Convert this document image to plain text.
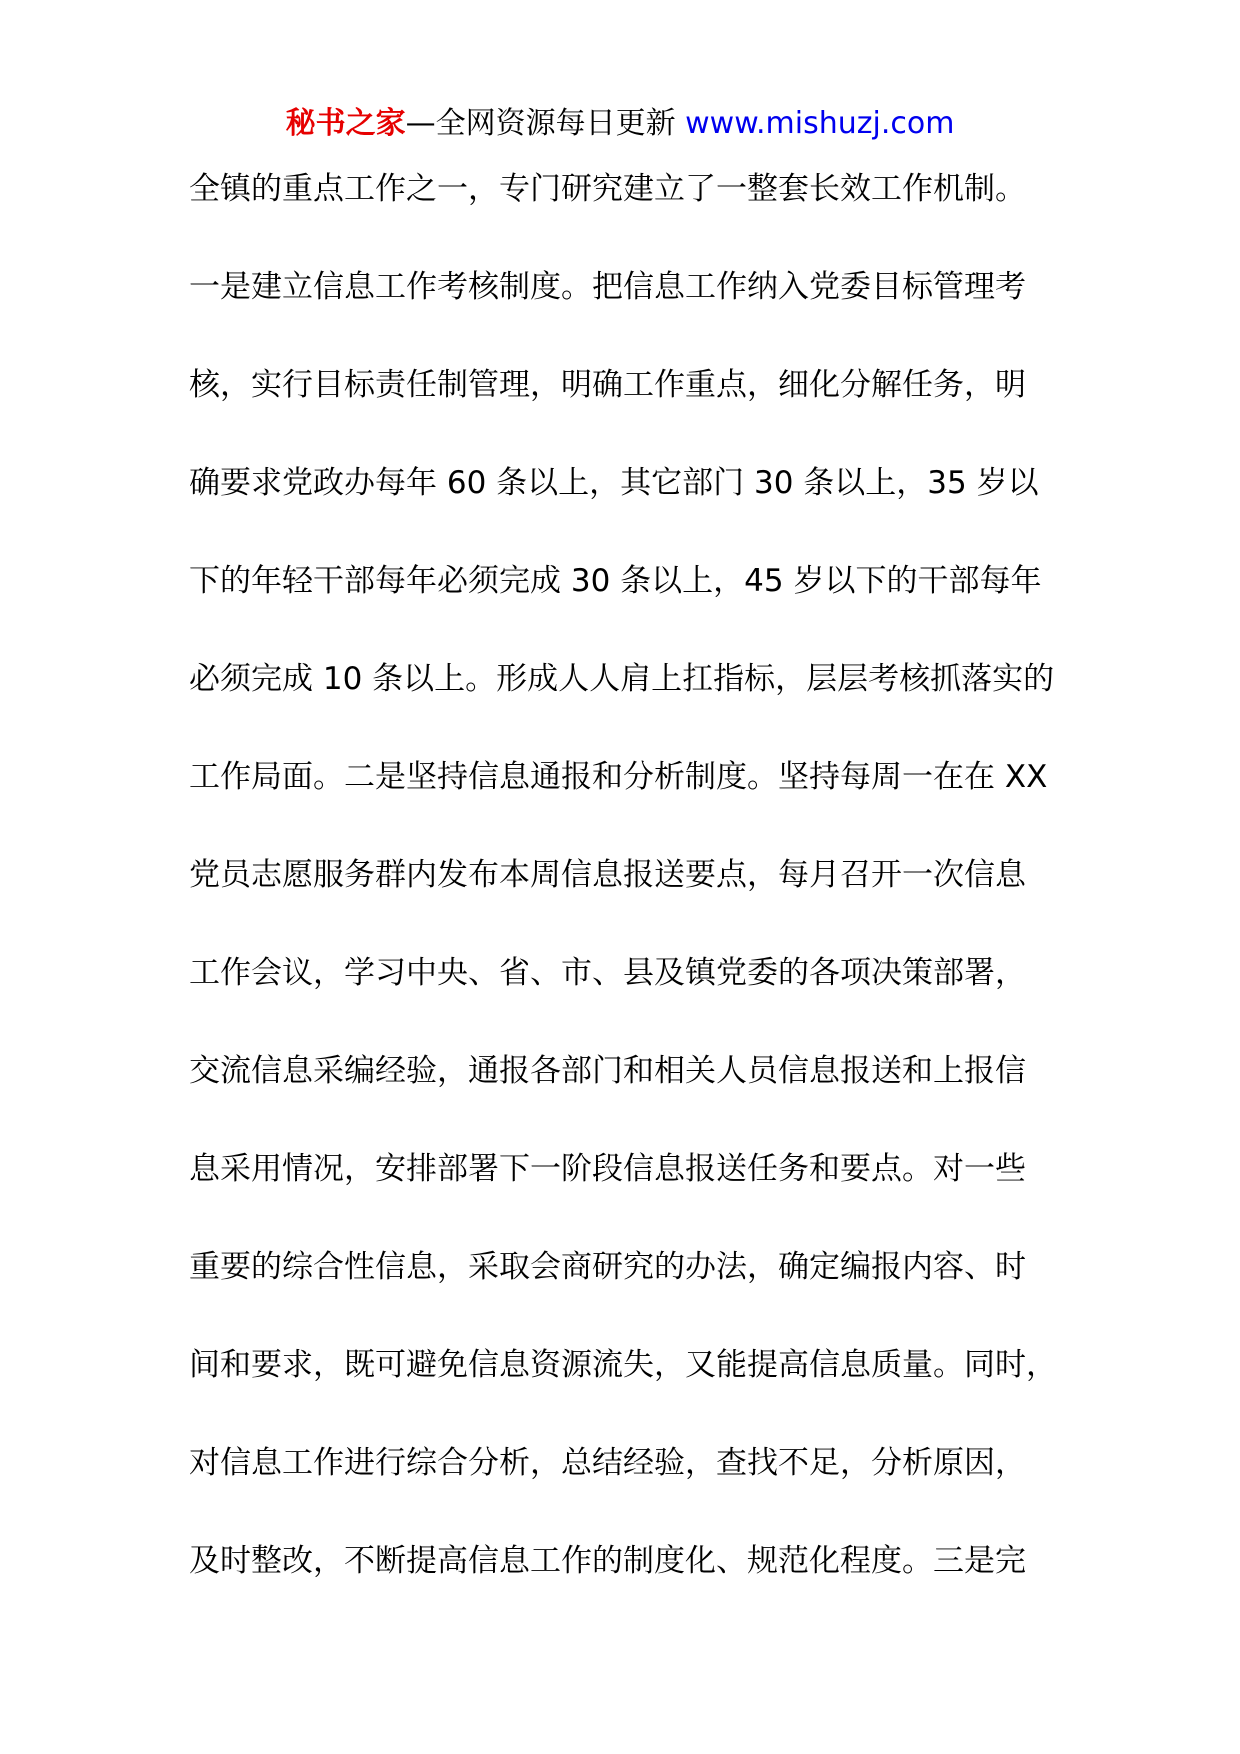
秘书之家—全网资源每日更新 www.mishuzj.com
全镇的重点工作之一，专门研究建立了一整套长效工作机制。
一是建立信息工作考核制度。把信息工作纳入党委目标管理考
核，实行目标责任制管理，明确工作重点，细化分解任务，明
确要求党政办每年 60 条以上，其它部门 30 条以上，35 岁以
下的年轻干部每年必须完成 30 条以上，45 岁以下的干部每年
必须完成 10 条以上。形成人人肩上扛指标，层层考核抓落实的
工作局面。二是坚持信息通报和分析制度。坚持每周一在在 XX
党员志愿服务群内发布本周信息报送要点，每月召开一次信息
工作会议，学习中央、省、市、县及镇党委的各项决策部署，
交流信息采编经验，通报各部门和相关人员信息报送和上报信
息采用情况，安排部署下一阶段信息报送任务和要点。对一些
重要的综合性信息，采取会商研究的办法，确定编报内容、时
间和要求，既可避免信息资源流失，又能提高信息质量。同时，
对信息工作进行综合分析，总结经验，查找不足，分析原因，
及时整改，不断提高信息工作的制度化、规范化程度。三是完
